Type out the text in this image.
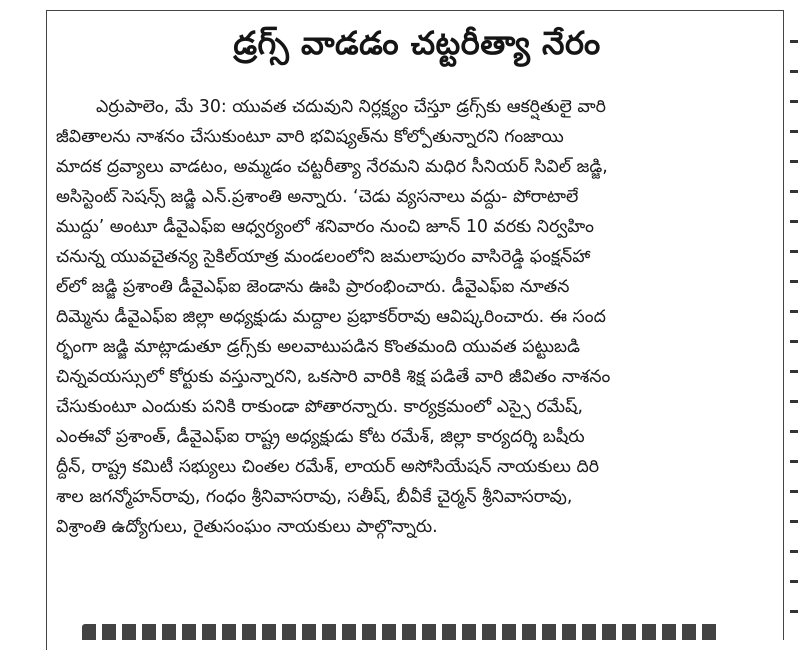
డ్రగ్స్ వాడడం చట్టరీత్యా నేరం
ఎర్రుపాలెం, మే 30: యువత చదువుని నిర్లక్ష్యం చేస్తూ డ్రగ్స్‌కు ఆకర్షితులై వారి
జీవితాలను నాశనం చేసుకుంటూ వారి భవిష్యత్‌ను కోల్పోతున్నారని గంజాయి
మాదక ద్రవ్యాలు వాడటం, అమ్మడం చట్టరీత్యా నేరమని మధిర సీనియర్ సివిల్ జడ్జి,
అసిస్టెంట్ సెషన్స్ జడ్జి ఎన్.ప్రశాంతి అన్నారు. ‘చెడు వ్యసనాలు వద్దు- పోరాటాలే
ముద్దు’ అంటూ డీవైఎఫ్ఐ ఆధ్వర్యంలో శనివారం నుంచి జూన్ 10 వరకు నిర్వహిం
చనున్న యువచైతన్య సైకిల్‌యాత్ర మండలంలోని జమలాపురం వాసిరెడ్డి ఫంక్షన్‌హా
ల్‌లో జడ్జి ప్రశాంతి డీవైఎఫ్ఐ జెండాను ఊపి ప్రారంభించారు. డీవైఎఫ్ఐ నూతన
దిమ్మెను డీవైఎఫ్ఐ జిల్లా అధ్యక్షుడు మద్దాల ప్రభాకర్‌రావు ఆవిష్కరించారు. ఈ సంద
ర్భంగా జడ్జి మాట్లాడుతూ డ్రగ్స్‌కు అలవాటుపడిన కొంతమంది యువత పట్టుబడి
చిన్నవయస్సులో కోర్టుకు వస్తున్నారని, ఒకసారి వారికి శిక్ష పడితే వారి జీవితం నాశనం
చేసుకుంటూ ఎందుకు పనికి రాకుండా పోతారన్నారు. కార్యక్రమంలో ఎస్సై రమేష్,
ఎంఈవో ప్రశాంత్, డీవైఎఫ్ఐ రాష్ట్ర అధ్యక్షుడు కోట రమేశ్, జిల్లా కార్యదర్శి బషీరు
ద్దీన్, రాష్ట్ర కమిటీ సభ్యులు చింతల రమేశ్, లాయర్ అసోసియేషన్ నాయకులు దిరి
శాల జగన్మోహన్‌రావు, గంధం శ్రీనివాసరావు, సతీష్, బీవీకే చైర్మన్ శ్రీనివాసరావు,
విశ్రాంతి ఉద్యోగులు, రైతుసంఘం నాయకులు పాల్గొన్నారు.
